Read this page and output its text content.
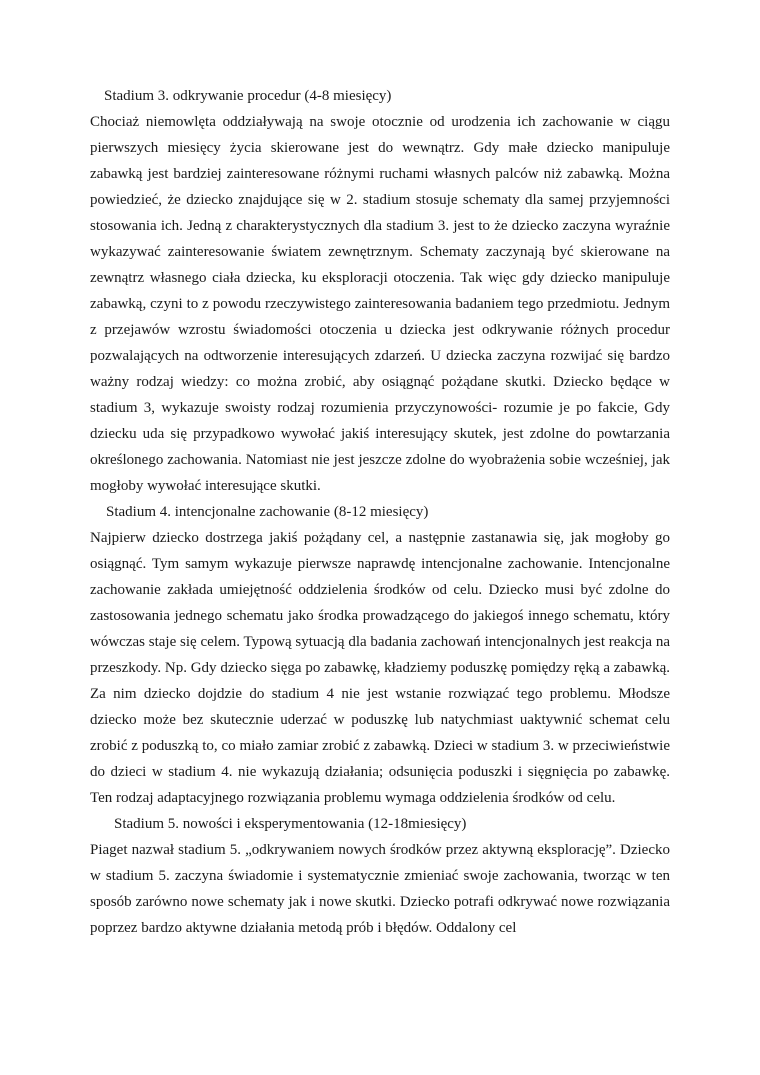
Stadium 3. odkrywanie procedur (4-8 miesięcy)

Chociaż niemowlęta oddziaływają na swoje otocznie od urodzenia ich zachowanie w ciągu pierwszych miesięcy życia skierowane jest do wewnątrz. Gdy małe dziecko manipuluje zabawką jest bardziej zainteresowane różnymi ruchami własnych palców niż zabawką. Można powiedzieć, że dziecko znajdujące się w 2. stadium stosuje schematy dla samej przyjemności stosowania ich. Jedną z charakterystycznych dla stadium 3. jest to że dziecko zaczyna wyraźnie wykazywać zainteresowanie światem zewnętrznym. Schematy zaczynają być skierowane na zewnątrz własnego ciała dziecka, ku eksploracji otoczenia. Tak więc gdy dziecko manipuluje zabawką, czyni to z powodu rzeczywistego zainteresowania badaniem tego przedmiotu. Jednym z przejawów wzrostu świadomości otoczenia u dziecka jest odkrywanie różnych procedur pozwalających na odtworzenie interesujących zdarzeń. U dziecka zaczyna rozwijać się bardzo ważny rodzaj wiedzy: co można zrobić, aby osiągnąć pożądane skutki. Dziecko będące w stadium 3, wykazuje swoisty rodzaj rozumienia przyczynowości- rozumie je po fakcie, Gdy dziecku uda się przypadkowo wywołać jakiś interesujący skutek, jest zdolne do powtarzania określonego zachowania. Natomiast nie jest jeszcze zdolne do wyobrażenia sobie wcześniej, jak mogłoby wywołać interesujące skutki.

Stadium 4. intencjonalne zachowanie (8-12 miesięcy)

Najpierw dziecko dostrzega jakiś pożądany cel, a następnie zastanawia się, jak mogłoby go osiągnąć. Tym samym wykazuje pierwsze naprawdę intencjonalne zachowanie. Intencjonalne zachowanie zakłada umiejętność oddzielenia środków od celu. Dziecko musi być zdolne do zastosowania jednego schematu jako środka prowadzącego do jakiegoś innego schematu, który wówczas staje się celem. Typową sytuacją dla badania zachowań intencjonalnych jest reakcja na przeszkody. Np. Gdy dziecko sięga po zabawkę, kładziemy poduszkę pomiędzy ręką a zabawką. Za nim dziecko dojdzie do stadium 4 nie jest wstanie rozwiązać tego problemu. Młodsze dziecko może bez skutecznie uderzać w poduszkę lub natychmiast uaktywnić schemat celu zrobić z poduszką to, co miało zamiar zrobić z zabawką. Dzieci w stadium 3. w przeciwieństwie do dzieci w stadium 4. nie wykazują działania; odsunięcia poduszki i sięgnięcia po zabawkę. Ten rodzaj adaptacyjnego rozwiązania problemu wymaga oddzielenia środków od celu.

Stadium 5. nowości i eksperymentowania (12-18miesięcy)

Piaget nazwał stadium 5. „odkrywaniem nowych środków przez aktywną eksplorację”. Dziecko w stadium 5. zaczyna świadomie i systematycznie zmieniać swoje zachowania, tworząc w ten sposób zarówno nowe schematy jak i nowe skutki. Dziecko potrafi odkrywać nowe rozwiązania poprzez bardzo aktywne działania metodą prób i błędów. Oddalony cel
